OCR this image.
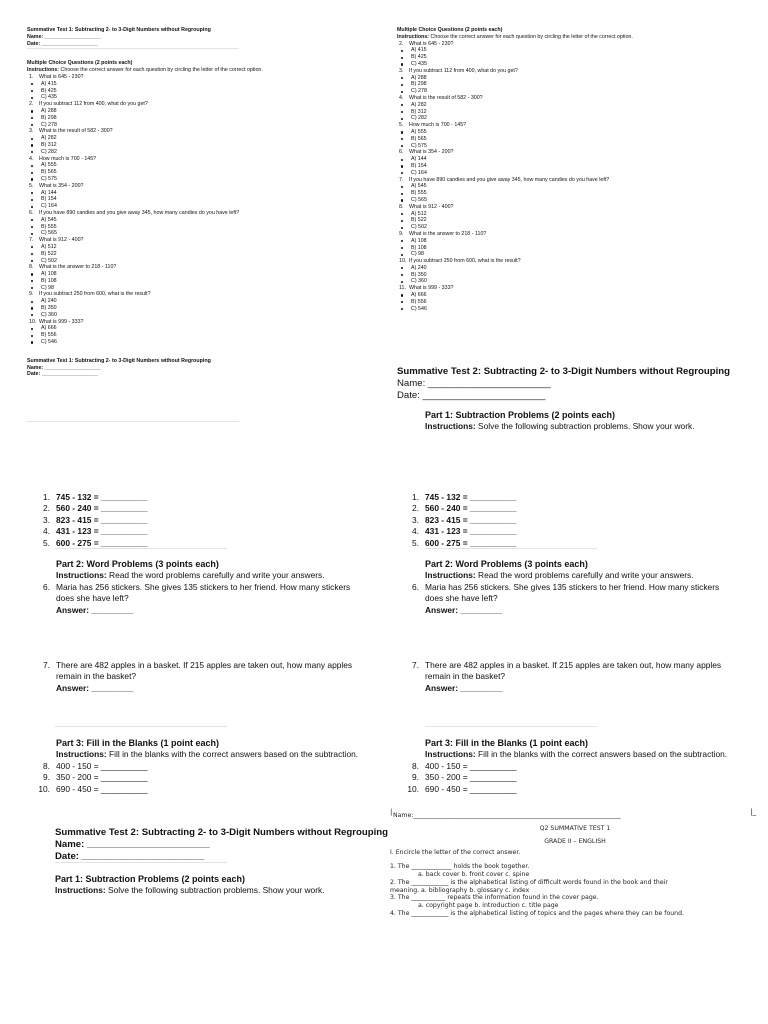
Summative Test 1: Subtracting 2- to 3-Digit Numbers without Regrouping
Name: ___________________
Date: ___________________
Multiple Choice Questions (2 points each)
Instructions: Choose the correct answer for each question by circling the letter of the correct option.
1. What is 645 - 230?
A) 415
B) 425
C) 435
2. If you subtract 112 from 400, what do you get?
A) 288
B) 298
C) 278
3. What is the result of 582 - 300?
A) 282
B) 312
C) 282
4. How much is 700 - 145?
A) 555
B) 565
C) 575
5. What is 354 - 200?
A) 144
B) 154
C) 164
6. If you have 890 candies and you give away 345, how many candies do you have left?
A) 545
B) 555
C) 565
7. What is 912 - 400?
A) 512
B) 522
C) 502
8. What is the answer to 218 - 110?
A) 108
B) 108
C) 98
9. If you subtract 250 from 600, what is the result?
A) 240
B) 350
C) 360
10. What is 999 - 333?
A) 666
B) 556
C) 546
Summative Test 1: Subtracting 2- to 3-Digit Numbers without Regrouping
Name: ___________________
Date: ___________________
Multiple Choice Questions (2 points each)
Instructions: Choose the correct answer for each question by circling the letter of the correct option.
2. What is 645 - 230?
A) 415
B) 425
C) 435
3. If you subtract 112 from 400, what do you get?
A) 288
B) 298
C) 278
4. What is the result of 582 - 300?
A) 282
B) 312
C) 282
5. How much is 700 - 145?
A) 555
B) 565
C) 575
6. What is 354 - 200?
A) 144
B) 154
C) 164
7. If you have 890 candies and you give away 345, how many candies do you have left?
A) 545
B) 555
C) 565
8. What is 912 - 400?
A) 512
B) 522
C) 502
9. What is the answer to 218 - 110?
A) 108
B) 108
C) 98
10. If you subtract 250 from 600, what is the result?
A) 240
B) 350
C) 360
11. What is 999 - 333?
A) 666
B) 556
C) 546
Summative Test 2: Subtracting 2- to 3-Digit Numbers without Regrouping
Name: _______________________
Date: _______________________
Part 1: Subtraction Problems (2 points each)
Instructions: Solve the following subtraction problems. Show your work.
1. 745 - 132 = __________
2. 560 - 240 = __________
3. 823 - 415 = __________
4. 431 - 123 = __________
5. 600 - 275 = __________
1. 745 - 132 = __________
2. 560 - 240 = __________
3. 823 - 415 = __________
4. 431 - 123 = __________
5. 600 - 275 = __________
Part 2: Word Problems (3 points each)
Instructions: Read the word problems carefully and write your answers.
6. Maria has 256 stickers. She gives 135 stickers to her friend. How many stickers
does she have left?
Answer: _________
7. There are 482 apples in a basket. If 215 apples are taken out, how many apples
remain in the basket?
Answer: _________
Part 2: Word Problems (3 points each)
Instructions: Read the word problems carefully and write your answers.
6. Maria has 256 stickers. She gives 135 stickers to her friend. How many stickers
does she have left?
Answer: _________
7. There are 482 apples in a basket. If 215 apples are taken out, how many apples
remain in the basket?
Answer: _________
Part 3: Fill in the Blanks (1 point each)
Instructions: Fill in the blanks with the correct answers based on the subtraction.
8. 400 - 150 = __________
9. 350 - 200 = __________
10. 690 - 450 = __________
Part 3: Fill in the Blanks (1 point each)
Instructions: Fill in the blanks with the correct answers based on the subtraction.
8. 400 - 150 = __________
9. 350 - 200 = __________
10. 690 - 450 = __________
Summative Test 2: Subtracting 2- to 3-Digit Numbers without Regrouping
Name: _______________________
Date: _______________________
Part 1: Subtraction Problems (2 points each)
Instructions: Solve the following subtraction problems. Show your work.
|	|_
Name:___________________________________________________________________
Q2 SUMMATIVE TEST 1
GRADE II – ENGLISH
I. Encircle the letter of the correct answer.
1. The _____________ holds the book together.
a. back cover b. front cover c. spine
2. The ____________ is the alphabetical listing of difficult words found in the book and their
meaning. a. bibliography b. glossary c. index
3. The ___________ repeats the information found in the cover page.
a. copyright page b. introduction c. title page
4. The ____________ is the alphabetical listing of topics and the pages where they can be found.
